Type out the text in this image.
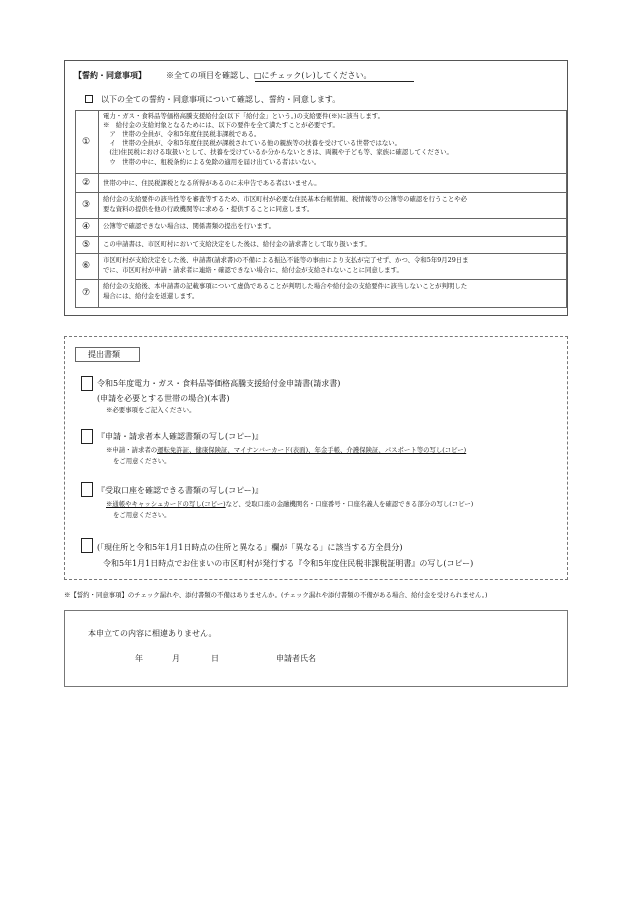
【誓約・同意事項】	※全ての項目を確認し、□にチェック(レ)してください。
以下の全ての誓約・同意事項について確認し、誓約・同意します。
①
電力・ガス・食料品等価格高騰支援給付金(以下「給付金」という。)の支給要件(※)に該当します。
※　給付金の支給対象となるためには、以下の要件を全て満たすことが必要です。
　ア　世帯の全員が、令和5年度住民税非課税である。
　イ　世帯の全員が、令和5年度住民税が課税されている他の親族等の扶養を受けている世帯ではない。
　(注)住民税における取扱いとして、扶養を受けているか分からないときは、両親や子ども等、家族に確認してください。
　ウ　世帯の中に、租税条約による免除の適用を届け出ている者はいない。
②	世帯の中に、住民税課税となる所得があるのに未申告である者はいません。
③
給付金の支給要件の該当性等を審査等するため、市区町村が必要な住民基本台帳情報、税情報等の公簿等の確認を行うことや必
要な資料の提供を他の行政機関等に求める・提供することに同意します。
④	公簿等で確認できない場合は、関係書類の提出を行います。
⑤	この申請書は、市区町村において支給決定をした後は、給付金の請求書として取り扱います。
⑥
市区町村が支給決定をした後、申請書(請求書)の不備による振込不能等の事由により支払が完了せず、かつ、令和5年9月29日ま
でに、市区町村が申請・請求者に連絡・確認できない場合に、給付金が支給されないことに同意します。
⑦
給付金の支給後、本申請書の記載事項について虚偽であることが判明した場合や給付金の支給要件に該当しないことが判明した
場合には、給付金を返還します。
提出書類
令和5年度電力・ガス・食料品等価格高騰支援給付金申請書(請求書)
(申請を必要とする世帯の場合)(本書)
※必要事項をご記入ください。
『申請・請求者本人確認書類の写し(コピー)』
※申請・請求者の運転免許証、健康保険証、マイナンバーカード(表面)、年金手帳、介護保険証、パスポート等の写し(コピー)
をご用意ください。
『受取口座を確認できる書類の写し(コピー)』
※通帳やキャッシュカードの写し(コピー)など、受取口座の金融機関名・口座番号・口座名義人を確認できる部分の写し(コピー)
をご用意ください。
(「現住所と令和5年1月1日時点の住所と異なる」欄が「異なる」に該当する方全員分)
令和5年1月1日時点でお住まいの市区町村が発行する『令和5年度住民税非課税証明書』の写し(コピー)
※【誓約・同意事項】のチェック漏れや、添付書類の不備はありませんか。(チェック漏れや添付書類の不備がある場合、給付金を受けられません。)
本申立ての内容に相違ありません。
年	月	日	申請者氏名
